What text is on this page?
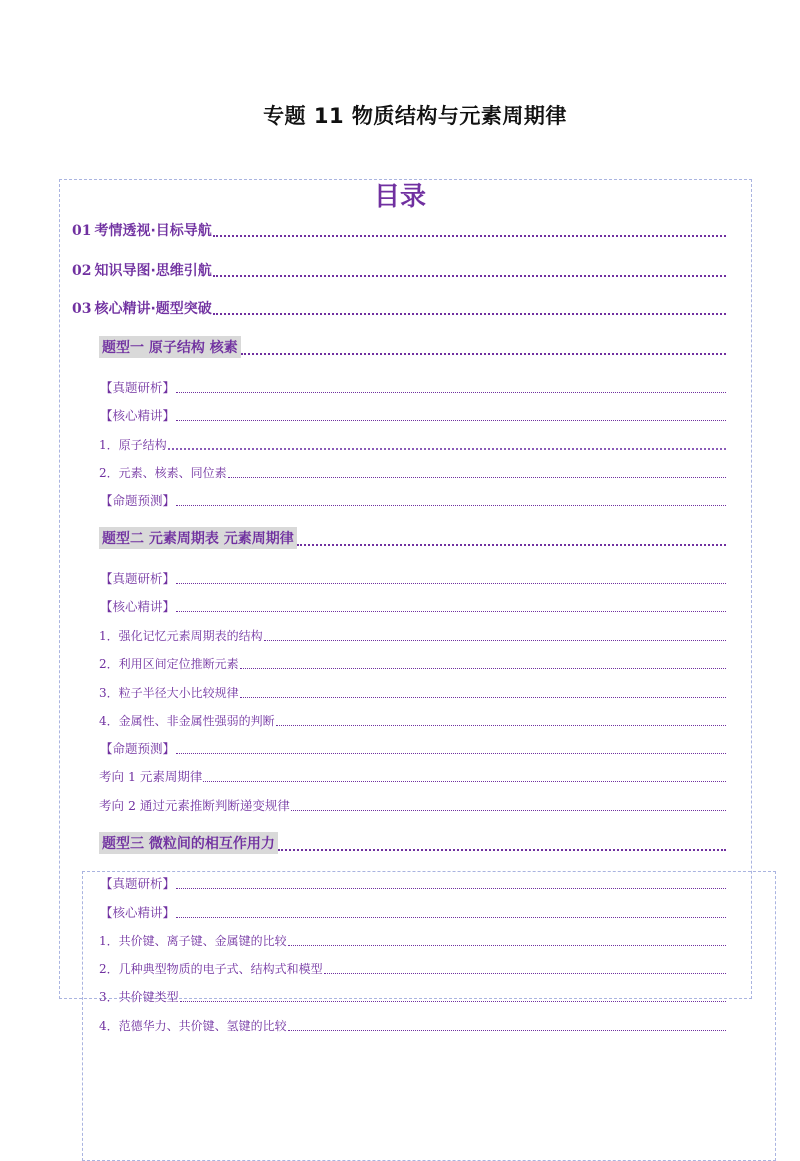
专题 11 物质结构与元素周期律
目录
01 考情透视·目标导航
02 知识导图·思维引航
03 核心精讲·题型突破
题型一 原子结构 核素
【真题研析】
【核心精讲】
1．原子结构
2．元素、核素、同位素
【命题预测】
题型二 元素周期表 元素周期律
【真题研析】
【核心精讲】
1．强化记忆元素周期表的结构
2．利用区间定位推断元素
3．粒子半径大小比较规律
4．金属性、非金属性强弱的判断
【命题预测】
考向 1 元素周期律
考向 2 通过元素推断判断递变规律
题型三 微粒间的相互作用力
【真题研析】
【核心精讲】
1．共价键、离子键、金属键的比较
2．几种典型物质的电子式、结构式和模型
3．共价键类型
4．范德华力、共价键、氢键的比较
